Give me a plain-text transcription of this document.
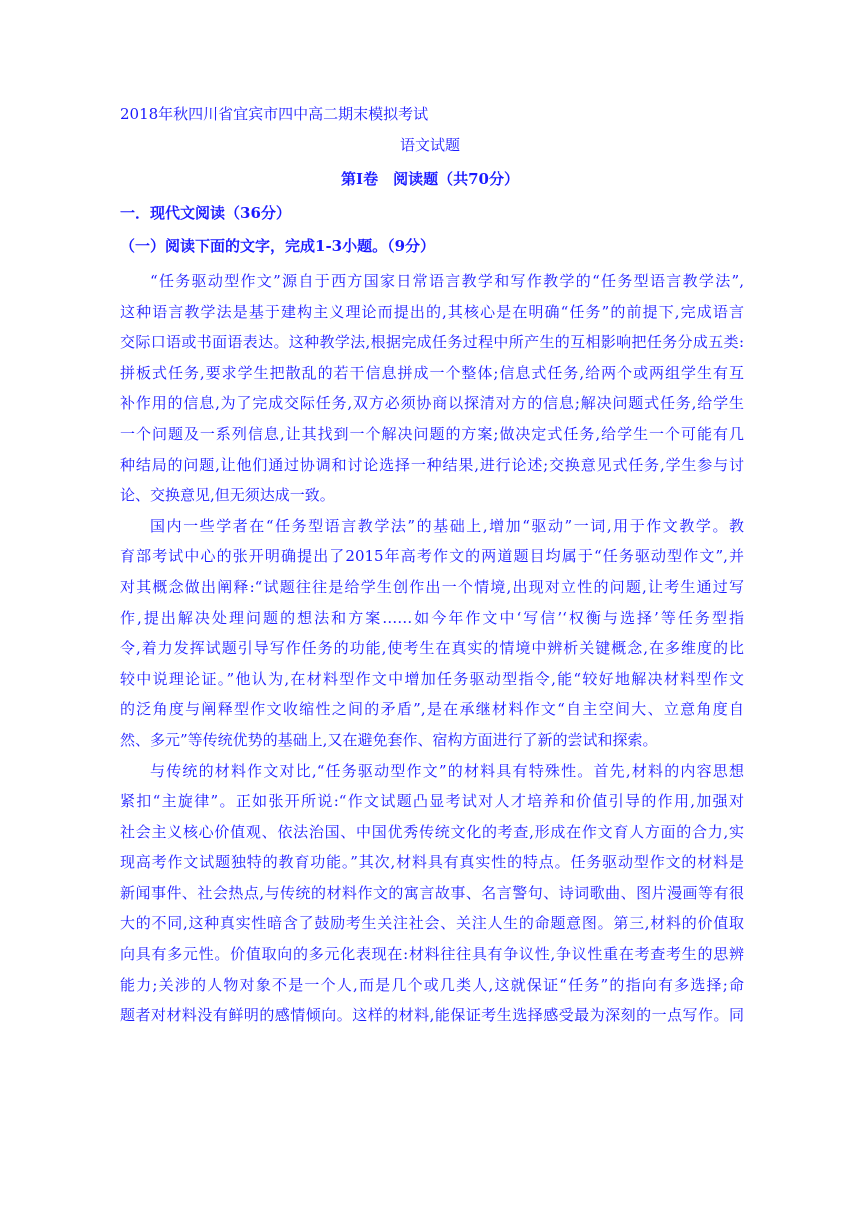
2018年秋四川省宜宾市四中高二期末模拟考试
语文试题
第Ⅰ卷　阅读题（共70分）
一．现代文阅读（36分）
（一）阅读下面的文字，完成1-3小题。（9分）
“任务驱动型作文”源自于西方国家日常语言教学和写作教学的“任务型语言教学法”,
这种语言教学法是基于建构主义理论而提出的,其核心是在明确“任务”的前提下,完成语言
交际口语或书面语表达。这种教学法,根据完成任务过程中所产生的互相影响把任务分成五类:
拼板式任务,要求学生把散乱的若干信息拼成一个整体;信息式任务,给两个或两组学生有互
补作用的信息,为了完成交际任务,双方必须协商以探清对方的信息;解决问题式任务,给学生
一个问题及一系列信息,让其找到一个解决问题的方案;做决定式任务,给学生一个可能有几
种结局的问题,让他们通过协调和讨论选择一种结果,进行论述;交换意见式任务,学生参与讨
论、交换意见,但无须达成一致。
国内一些学者在“任务型语言教学法”的基础上,增加“驱动”一词,用于作文教学。教
育部考试中心的张开明确提出了2015年高考作文的两道题目均属于“任务驱动型作文”,并
对其概念做出阐释:“试题往往是给学生创作出一个情境,出现对立性的问题,让考生通过写
作,提出解决处理问题的想法和方案……如今年作文中‘写信’‘权衡与选择’等任务型指
令,着力发挥试题引导写作任务的功能,使考生在真实的情境中辨析关键概念,在多维度的比
较中说理论证。”他认为,在材料型作文中增加任务驱动型指令,能“较好地解决材料型作文
的泛角度与阐释型作文收缩性之间的矛盾”,是在承继材料作文“自主空间大、立意角度自
然、多元”等传统优势的基础上,又在避免套作、宿构方面进行了新的尝试和探索。
与传统的材料作文对比,“任务驱动型作文”的材料具有特殊性。首先,材料的内容思想
紧扣“主旋律”。正如张开所说:“作文试题凸显考试对人才培养和价值引导的作用,加强对
社会主义核心价值观、依法治国、中国优秀传统文化的考查,形成在作文育人方面的合力,实
现高考作文试题独特的教育功能。”其次,材料具有真实性的特点。任务驱动型作文的材料是
新闻事件、社会热点,与传统的材料作文的寓言故事、名言警句、诗词歌曲、图片漫画等有很
大的不同,这种真实性暗含了鼓励考生关注社会、关注人生的命题意图。第三,材料的价值取
向具有多元性。价值取向的多元化表现在:材料往往具有争议性,争议性重在考查考生的思辨
能力;关涉的人物对象不是一个人,而是几个或几类人,这就保证“任务”的指向有多选择;命
题者对材料没有鲜明的感情倾向。这样的材料,能保证考生选择感受最为深刻的一点写作。同
